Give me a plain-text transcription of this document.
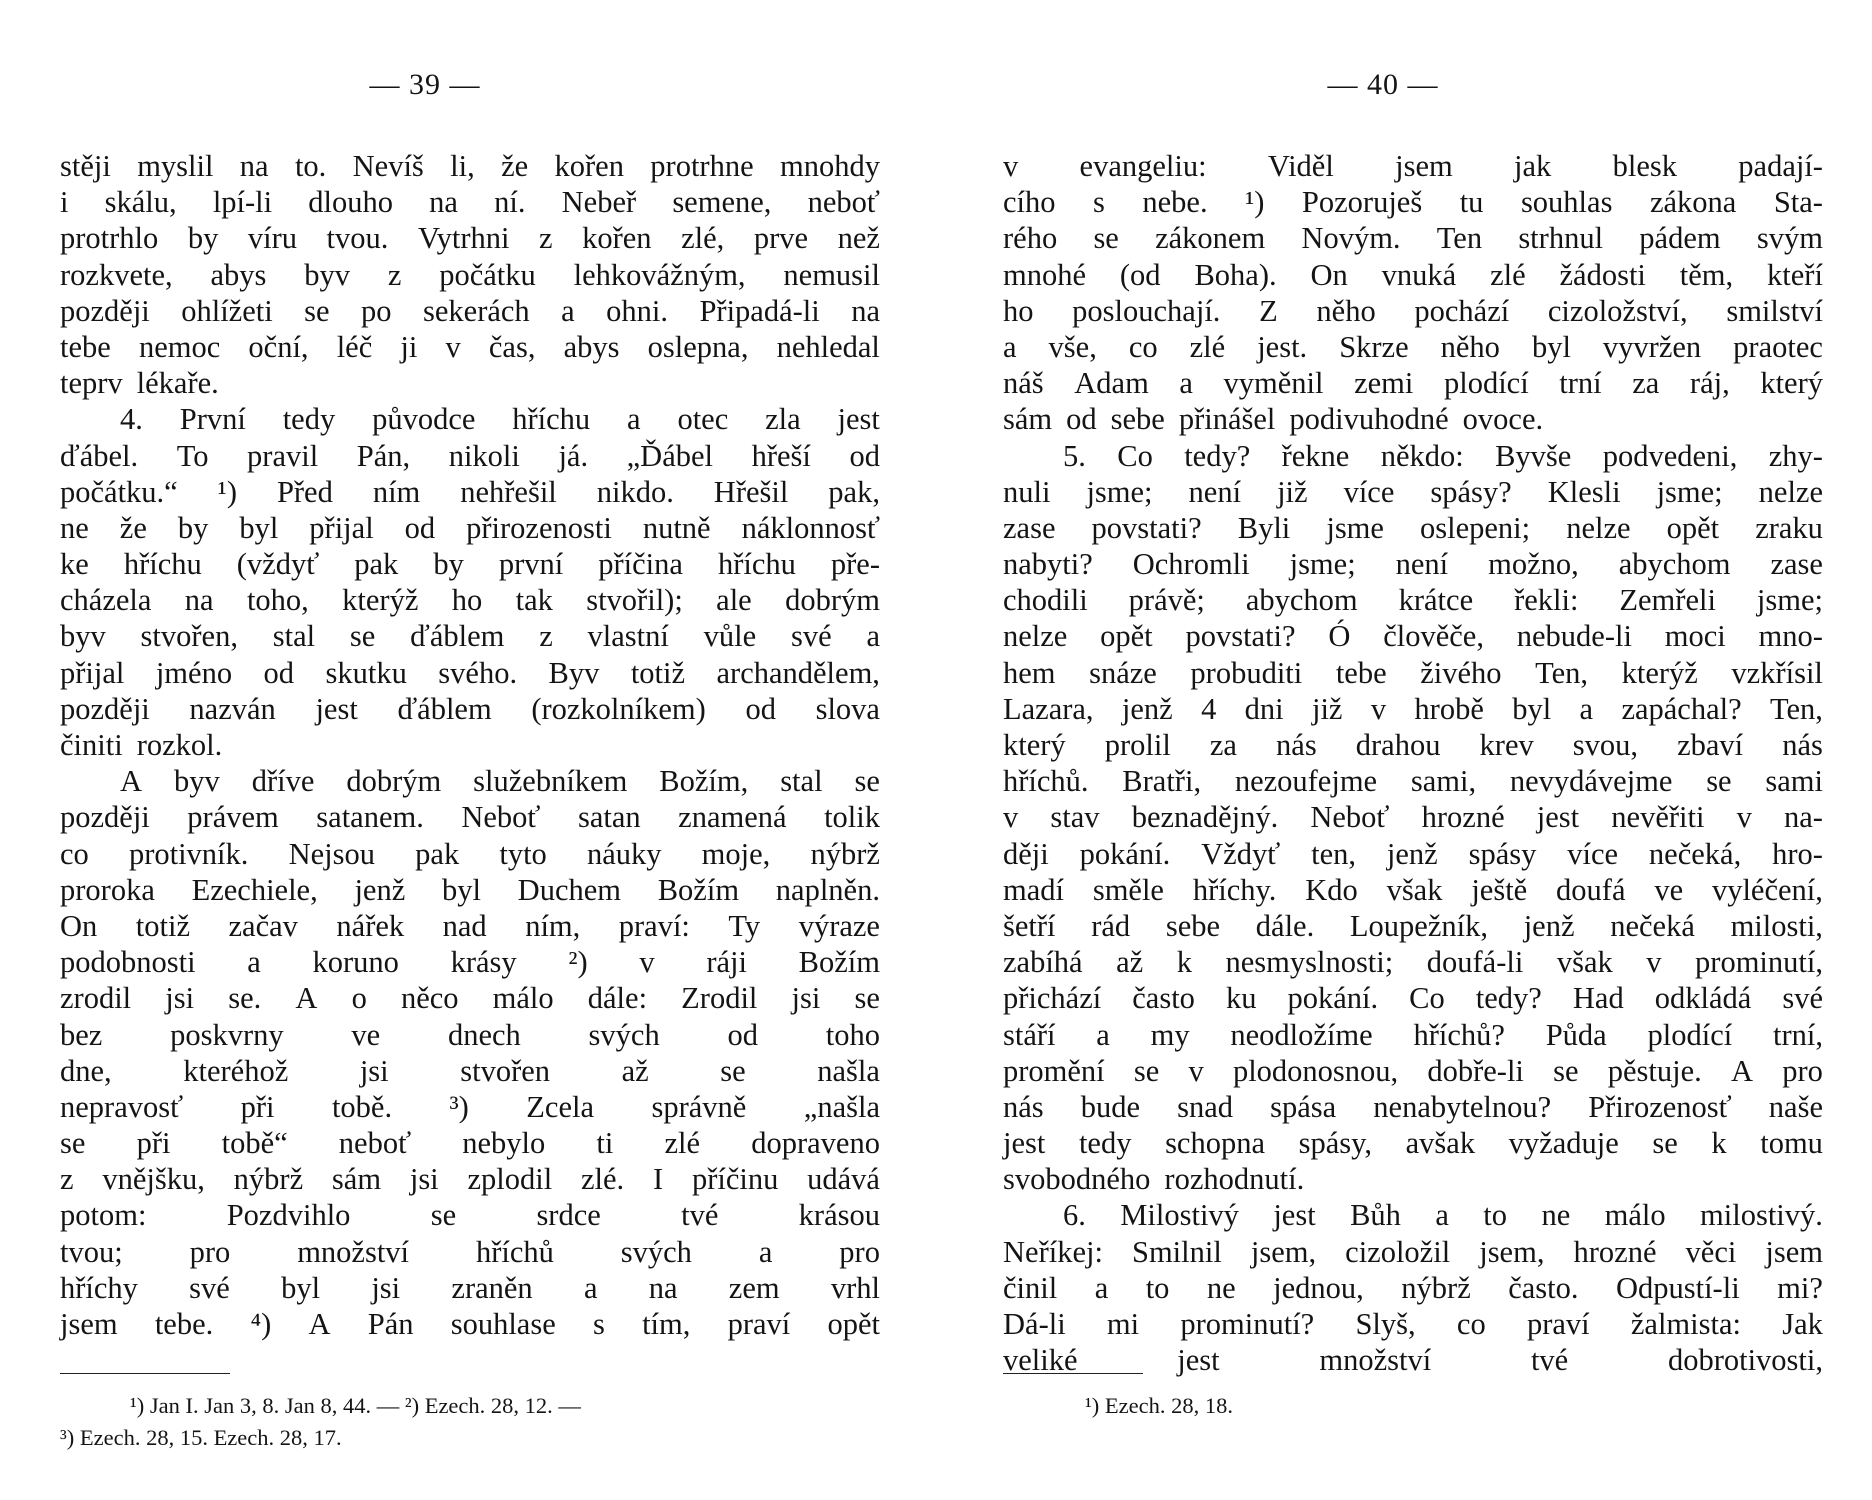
— 39 —
stěji myslil na to. Nevíš li, že kořen protrhne mnohdy
i skálu, lpí-li dlouho na ní. Nebeř semene, neboť
protrhlo by víru tvou. Vytrhni z kořen zlé, prve než
rozkvete, abys byv z počátku lehkovážným, nemusil
později ohlížeti se po sekerách a ohni. Připadá-li na
tebe nemoc oční, léč ji v čas, abys oslepna, nehledal
teprv lékaře.
4. První tedy původce hříchu a otec zla jest
ďábel. To pravil Pán, nikoli já. „Ďábel hřeší od
počátku.“ ¹) Před ním nehřešil nikdo. Hřešil pak,
ne že by byl přijal od přirozenosti nutně náklonnosť
ke hříchu (vždyť pak by první příčina hříchu pře-
cházela na toho, kterýž ho tak stvořil); ale dobrým
byv stvořen, stal se ďáblem z vlastní vůle své a
přijal jméno od skutku svého. Byv totiž archandělem,
později nazván jest ďáblem (rozkolníkem) od slova
činiti rozkol.
A byv dříve dobrým služebníkem Božím, stal se
později právem satanem. Neboť satan znamená tolik
co protivník. Nejsou pak tyto náuky moje, nýbrž
proroka Ezechiele, jenž byl Duchem Božím naplněn.
On totiž začav nářek nad ním, praví: Ty výraze
podobnosti a koruno krásy ²) v ráji Božím
zrodil jsi se. A o něco málo dále: Zrodil jsi se
bez poskvrny ve dnech svých od toho
dne, kteréhož jsi stvořen až se našla
nepravosť při tobě. ³) Zcela správně „našla
se při tobě“ neboť nebylo ti zlé dopraveno
z vnějšku, nýbrž sám jsi zplodil zlé. I příčinu udává
potom:	Pozdvihlo	se	srdce	tvé	krásou
tvou; pro množství hříchů svých a pro
hříchy své byl jsi zraněn a na zem vrhl
jsem tebe. ⁴) A Pán souhlase s tím, praví opět
¹) Jan I. Jan 3, 8. Jan 8, 44. — ²) Ezech. 28, 12. —
³) Ezech. 28, 15. Ezech. 28, 17.
— 40 —
v evangeliu: Viděl jsem jak blesk padají-
cího s nebe. ¹) Pozoruješ tu souhlas zákona Sta-
rého se zákonem Novým. Ten strhnul pádem svým
mnohé (od Boha). On vnuká zlé žádosti těm, kteří
ho poslouchají. Z něho pochází cizoložství, smilství
a vše, co zlé jest. Skrze něho byl vyvržen praotec
náš Adam a vyměnil zemi plodící trní za ráj, který
sám od sebe přinášel podivuhodné ovoce.
5. Co tedy? řekne někdo: Byvše podvedeni, zhy-
nuli jsme; není již více spásy? Klesli jsme; nelze
zase povstati? Byli jsme oslepeni; nelze opět zraku
nabyti? Ochromli jsme; není možno, abychom zase
chodili právě; abychom krátce řekli: Zemřeli jsme;
nelze opět povstati? Ó člověče, nebude-li moci mno-
hem snáze probuditi tebe živého Ten, kterýž vzkřísil
Lazara, jenž 4 dni již v hrobě byl a zapáchal? Ten,
který prolil za nás drahou krev svou, zbaví nás
hříchů. Bratři, nezoufejme sami, nevydávejme se sami
v stav beznadějný. Neboť hrozné jest nevěřiti v na-
ději pokání. Vždyť ten, jenž spásy více nečeká, hro-
madí směle hříchy. Kdo však ještě doufá ve vyléčení,
šetří rád sebe dále. Loupežník, jenž nečeká milosti,
zabíhá až k nesmyslnosti; doufá-li však v prominutí,
přichází často ku pokání. Co tedy? Had odkládá své
stáří a my neodložíme hříchů? Půda plodící trní,
promění se v plodonosnou, dobře-li se pěstuje. A pro
nás bude snad spása nenabytelnou? Přirozenosť naše
jest tedy schopna spásy, avšak vyžaduje se k tomu
svobodného rozhodnutí.
6. Milostivý jest Bůh a to ne málo milostivý.
Neříkej: Smilnil jsem, cizoložil jsem, hrozné věci jsem
činil a to ne jednou, nýbrž často. Odpustí-li mi?
Dá-li mi prominutí? Slyš, co praví žalmista: Jak
veliké	jest	množství	tvé	dobrotivosti,
¹) Ezech. 28, 18.
